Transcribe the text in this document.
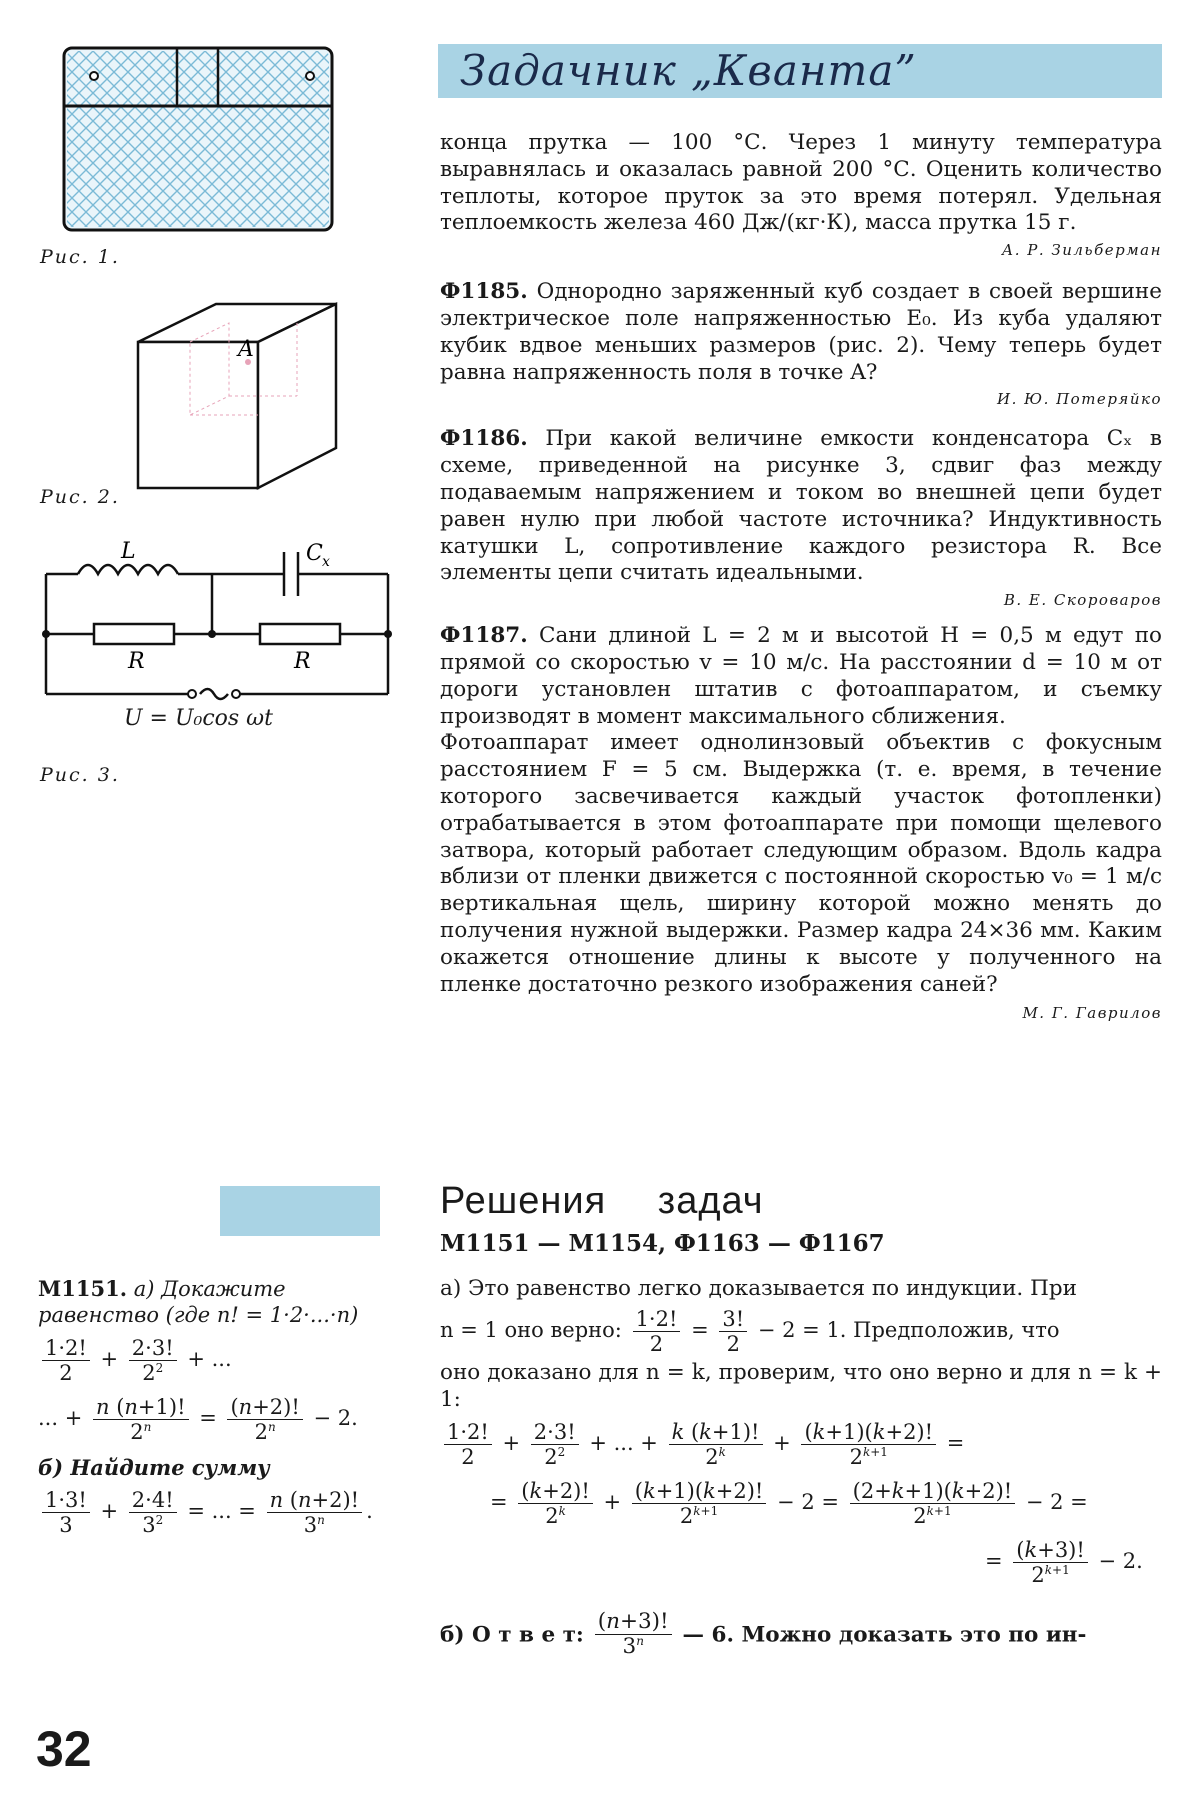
Задачник „Кванта”
Рис. 1.
A
Рис. 2.
L	C x
R	R
U = U₀cos ωt
Рис. 3.

конца прутка — 100 °С. Через 1 минуту температура выравнялась и оказалась равной 200 °С. Оценить количество теплоты, которое пруток за это время потерял. Удельная теплоемкость железа 460 Дж/(кг·К), масса прутка 15 г.

А. Р. Зильберман

Ф1185. Однородно заряженный куб создает в своей вершине электрическое поле напряженностью E₀. Из куба удаляют кубик вдвое меньших размеров (рис. 2). Чему теперь будет равна напряженность поля в точке A?

И. Ю. Потеряйко

Ф1186. При какой величине емкости конденсатора Cₓ в схеме, приведенной на рисунке 3, сдвиг фаз между подаваемым напряжением и током во внешней цепи будет равен нулю при любой частоте источника? Индуктивность катушки L, сопротивление каждого резистора R. Все элементы цепи считать идеальными.

В. Е. Скороваров

Ф1187. Сани длиной L = 2 м и высотой H = 0,5 м едут по прямой со скоростью v = 10 м/с. На расстоянии d = 10 м от дороги установлен штатив с фотоаппаратом, и съемку производят в момент максимального сближения.

Фотоаппарат имеет однолинзовый объектив с фокусным расстоянием F = 5 см. Выдержка (т. е. время, в течение которого засвечивается каждый участок фотопленки) отрабатывается в этом фотоаппарате при помощи щелевого затвора, который работает следующим образом. Вдоль кадра вблизи от пленки движется с постоянной скоростью v₀ = 1 м/с вертикальная щель, ширину которой можно менять до получения нужной выдержки. Размер кадра 24×36 мм. Каким окажется отношение длины к высоте у полученного на пленке достаточно резкого изображения саней?

М. Г. Гаврилов
Решения задач
М1151 — М1154, Ф1163 — Ф1167
М1151. а) Докажите равенство (где n! = 1·2·...·n)
$\frac{1\cdot 2!}{2} + \frac{2\cdot 3!}{2^2}$ + ...
... + $\frac{n (n+1)!}{2^n} = \frac{(n+2)!}{2^n} - 2$.
б) Найдите сумму
$\frac{1\cdot 3!}{3} + \frac{2\cdot 4!}{3^2}$ = ... = $\frac{n (n+2)!}{3^n}$ .

а) Это равенство легко доказывается по индукции. При

n = 1 оно верно: $\frac{1\cdot 2!}{2} = \frac{3!}{2} - 2 = 1$. Предположив, что

оно доказано для n = k, проверим, что оно верно и для n = k + 1:

$\frac{1\cdot 2!}{2} + \frac{2\cdot 3!}{2^2}$ + ... + $\frac{k (k+1)!}{2^k} + \frac{(k+1)(k+2)!}{2^{k+1}}$ =
= $\frac{(k+2)!}{2^k} + \frac{(k+1)(k+2)!}{2^{k+1}} - 2 = \frac{(2+k+1)(k+2)!}{2^{k+1}} - 2$ =
= $\frac{(k+3)!}{2^{k+1}} - 2$.
б) О т в е т: $\frac{(n+3)!}{3^n}$ — 6. Можно доказать это по ин-
32
